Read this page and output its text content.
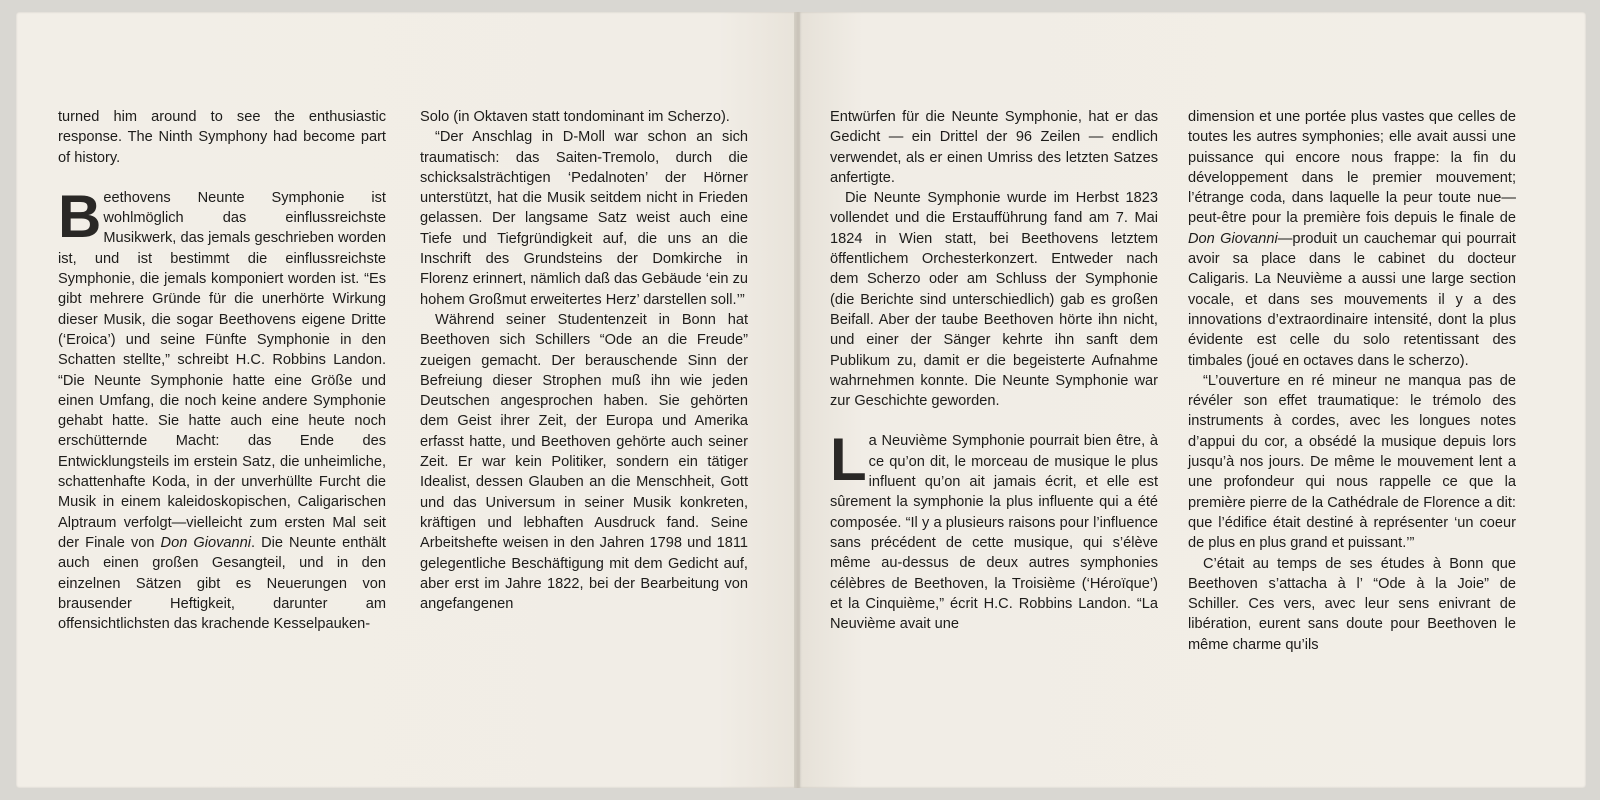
turned him around to see the enthusiastic response. The Ninth Symphony had become part of history.

Beethovens Neunte Symphonie ist wohlmöglich das einflussreichste Musikwerk, das jemals geschrieben worden ist, und ist bestimmt die einflussreichste Symphonie, die jemals komponiert worden ist. “Es gibt mehrere Gründe für die unerhörte Wirkung dieser Musik, die sogar Beethovens eigene Dritte (‘Eroica’) und seine Fünfte Symphonie in den Schatten stellte,” schreibt H.C. Robbins Landon. “Die Neunte Symphonie hatte eine Größe und einen Umfang, die noch keine andere Symphonie gehabt hatte. Sie hatte auch eine heute noch erschütternde Macht: das Ende des Entwicklungsteils im erstein Satz, die unheimliche, schattenhafte Koda, in der unverhüllte Furcht die Musik in einem kaleidoskopischen, Caligarischen Alptraum verfolgt—vielleicht zum ersten Mal seit der Finale von Don Giovanni. Die Neunte enthält auch einen großen Gesangteil, und in den einzelnen Sätzen gibt es Neuerungen von brausender Heftigkeit, darunter am offensichtlichsten das krachende Kesselpauken-

Solo (in Oktaven statt tondominant im Scherzo).

“Der Anschlag in D-Moll war schon an sich traumatisch: das Saiten-Tremolo, durch die schicksalsträchtigen ‘Pedalnoten’ der Hörner unterstützt, hat die Musik seitdem nicht in Frieden gelassen. Der langsame Satz weist auch eine Tiefe und Tiefgründigkeit auf, die uns an die Inschrift des Grundsteins der Domkirche in Florenz erinnert, nämlich daß das Gebäude ‘ein zu hohem Großmut erweitertes Herz’ darstellen soll.’”

Während seiner Studentenzeit in Bonn hat Beethoven sich Schillers “Ode an die Freude” zueigen gemacht. Der berauschende Sinn der Befreiung dieser Strophen muß ihn wie jeden Deutschen angesprochen haben. Sie gehörten dem Geist ihrer Zeit, der Europa und Amerika erfasst hatte, und Beethoven gehörte auch seiner Zeit. Er war kein Politiker, sondern ein tätiger Idealist, dessen Glauben an die Menschheit, Gott und das Universum in seiner Musik konkreten, kräftigen und lebhaften Ausdruck fand. Seine Arbeitshefte weisen in den Jahren 1798 und 1811 gelegentliche Beschäftigung mit dem Gedicht auf, aber erst im Jahre 1822, bei der Bearbeitung von angefangenen

Entwürfen für die Neunte Symphonie, hat er das Gedicht — ein Drittel der 96 Zeilen — endlich verwendet, als er einen Umriss des letzten Satzes anfertigte.

Die Neunte Symphonie wurde im Herbst 1823 vollendet und die Erstaufführung fand am 7. Mai 1824 in Wien statt, bei Beethovens letztem öffentlichem Orchesterkonzert. Entweder nach dem Scherzo oder am Schluss der Symphonie (die Berichte sind unterschiedlich) gab es großen Beifall. Aber der taube Beethoven hörte ihn nicht, und einer der Sänger kehrte ihn sanft dem Publikum zu, damit er die begeisterte Aufnahme wahrnehmen konnte. Die Neunte Symphonie war zur Geschichte geworden.

La Neuvième Symphonie pourrait bien être, à ce qu’on dit, le morceau de musique le plus influent qu’on ait jamais écrit, et elle est sûrement la symphonie la plus influente qui a été composée. “Il y a plusieurs raisons pour l’influence sans précédent de cette musique, qui s’élève même au-dessus de deux autres symphonies célèbres de Beethoven, la Troisième (‘Héroïque’) et la Cinquième,” écrit H.C. Robbins Landon. “La Neuvième avait une

dimension et une portée plus vastes que celles de toutes les autres symphonies; elle avait aussi une puissance qui encore nous frappe: la fin du développement dans le premier mouvement; l’étrange coda, dans laquelle la peur toute nue—peut-être pour la première fois depuis le finale de Don Giovanni—produit un cauchemar qui pourrait avoir sa place dans le cabinet du docteur Caligaris. La Neuvième a aussi une large section vocale, et dans ses mouvements il y a des innovations d’extraordinaire intensité, dont la plus évidente est celle du solo retentissant des timbales (joué en octaves dans le scherzo).

“L’ouverture en ré mineur ne manqua pas de révéler son effet traumatique: le trémolo des instruments à cordes, avec les longues notes d’appui du cor, a obsédé la musique depuis lors jusqu’à nos jours. De même le mouvement lent a une profondeur qui nous rappelle ce que la première pierre de la Cathédrale de Florence a dit: que l’édifice était destiné à représenter ‘un coeur de plus en plus grand et puissant.’”

C’était au temps de ses études à Bonn que Beethoven s’attacha à l’ “Ode à la Joie” de Schiller. Ces vers, avec leur sens enivrant de libération, eurent sans doute pour Beethoven le même charme qu’ils
